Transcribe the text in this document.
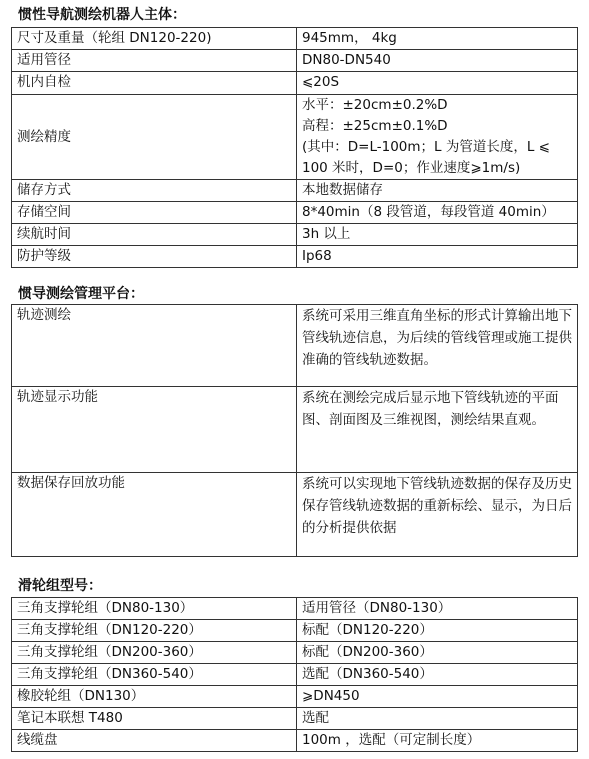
惯性导航测绘机器人主体：
尺寸及重量（轮组 DN120-220)	945mm， 4kg
适用管径	DN80-DN540
机内自检	⩽20S
测绘精度	水平：±20cm±0.2%D
高程：±25cm±0.1%D
(其中：D=L-100m；L 为管道长度，L ⩽
100 米时，D=0；作业速度⩾1m/s)

储存方式	本地数据储存
存储空间	8*40min（8 段管道，每段管道 40min）
续航时间	3h 以上
防护等级	Ip68
惯导测绘管理平台：
轨迹测绘	系统可采用三维直角坐标的形式计算输出地下管线轨迹信息，为后续的管线管理或施工提供准确的管线轨迹数据。

轨迹显示功能	系统在测绘完成后显示地下管线轨迹的平面图、剖面图及三维视图，测绘结果直观。

数据保存回放功能	系统可以实现地下管线轨迹数据的保存及历史保存管线轨迹数据的重新标绘、显示，为日后的分析提供依据
滑轮组型号：
三角支撑轮组（DN80-130）	适用管径（DN80-130）
三角支撑轮组（DN120-220）	标配（DN120-220）
三角支撑轮组（DN200-360）	标配（DN200-360）
三角支撑轮组（DN360-540）	选配（DN360-540）
橡胶轮组（DN130）	⩾DN450
笔记本联想 T480	选配
线缆盘	100m ，选配（可定制长度）
